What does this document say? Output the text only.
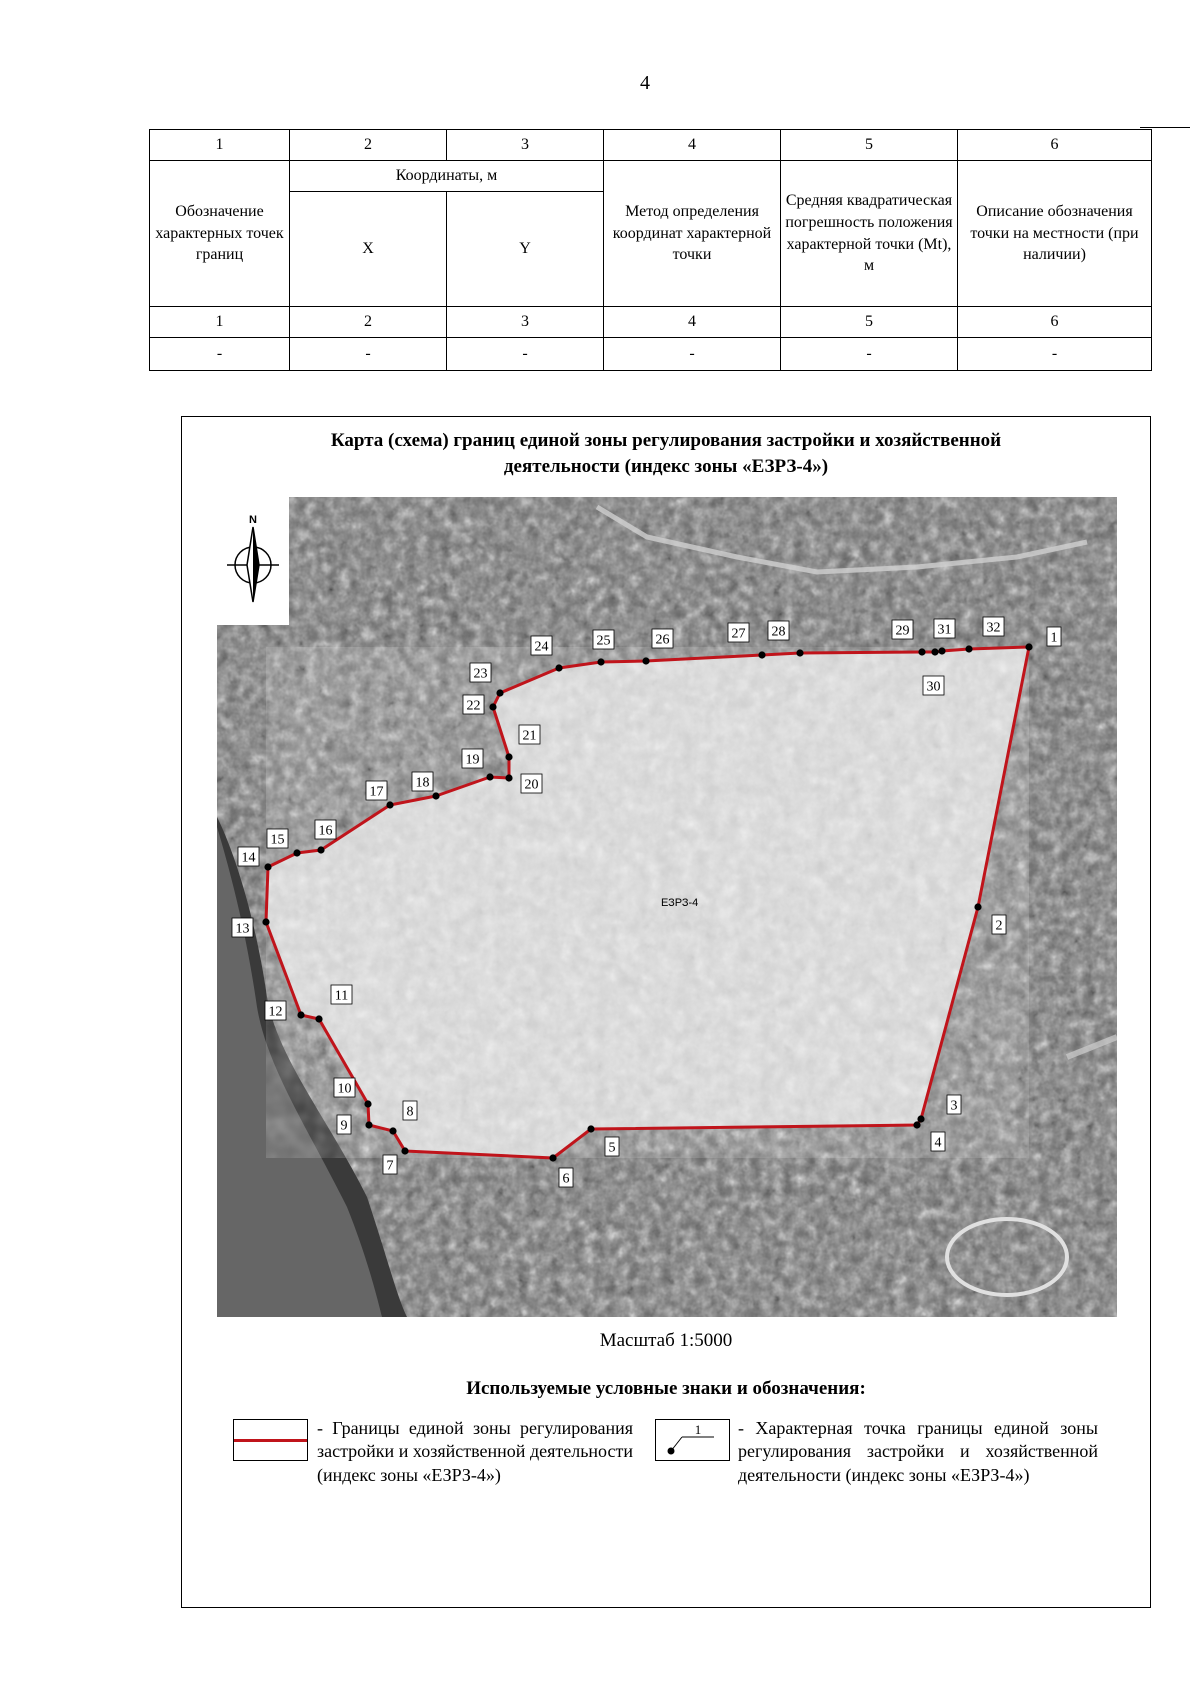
4
1	2	3	4	5	6
Обозначение характерных точек границ	Координаты, м		Метод определения координат характерной точки	Средняя квадратическая погрешность положения характерной точки (Mt), м	Описание обозначения точки на местности (при наличии)
	X	Y			
1	2	3	4	5	6
-	-	-	-	-	-
Карта (схема) границ единой зоны регулирования застройки и хозяйственной
деятельности (индекс зоны «ЕЗРЗ-4»)
N
ЕЗРЗ-4
1
2
3
4
5
6
7
8
9
10
11
12
13
14
15
16
17
18
19
20
21
22
23
24	25	26	27 28	29
30
31	32
Масштаб 1:5000
Используемые условные знаки и обозначения:
- Границы единой зоны регулирования застройки и хозяйственной деятельности (индекс зоны «ЕЗРЗ-4»)
1 - Характерная точка границы единой зоны регулирования застройки и хозяйственной деятельности (индекс зоны «ЕЗРЗ-4»)
